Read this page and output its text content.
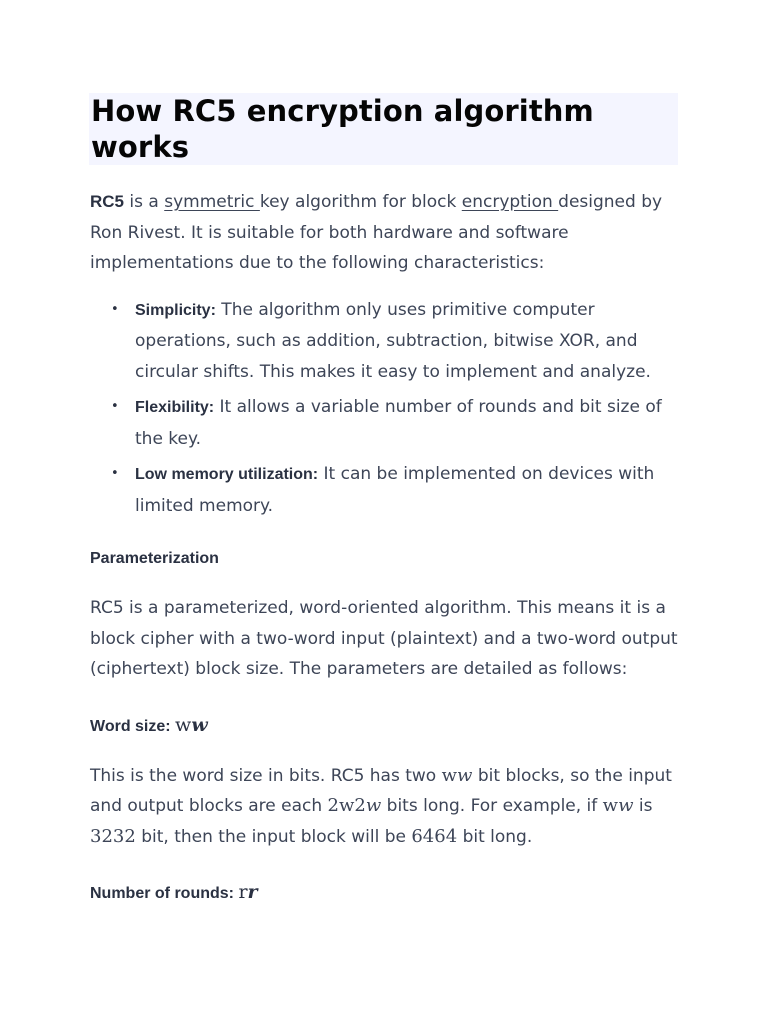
How RC5 encryption algorithm works

RC5 is a symmetric key algorithm for block encryption designed by Ron Rivest. It is suitable for both hardware and software implementations due to the following characteristics:

• Simplicity: The algorithm only uses primitive computer operations, such as addition, subtraction, bitwise XOR, and circular shifts. This makes it easy to implement and analyze.
• Flexibility: It allows a variable number of rounds and bit size of the key.
• Low memory utilization: It can be implemented on devices with limited memory.
Parameterization

RC5 is a parameterized, word-oriented algorithm. This means it is a block cipher with a two-word input (plaintext) and a two-word output (ciphertext) block size. The parameters are detailed as follows:

Word size: ww

This is the word size in bits. RC5 has two ww bit blocks, so the input and output blocks are each 2w2w bits long. For example, if ww is 3232 bit, then the input block will be 6464 bit long.

Number of rounds: rr
